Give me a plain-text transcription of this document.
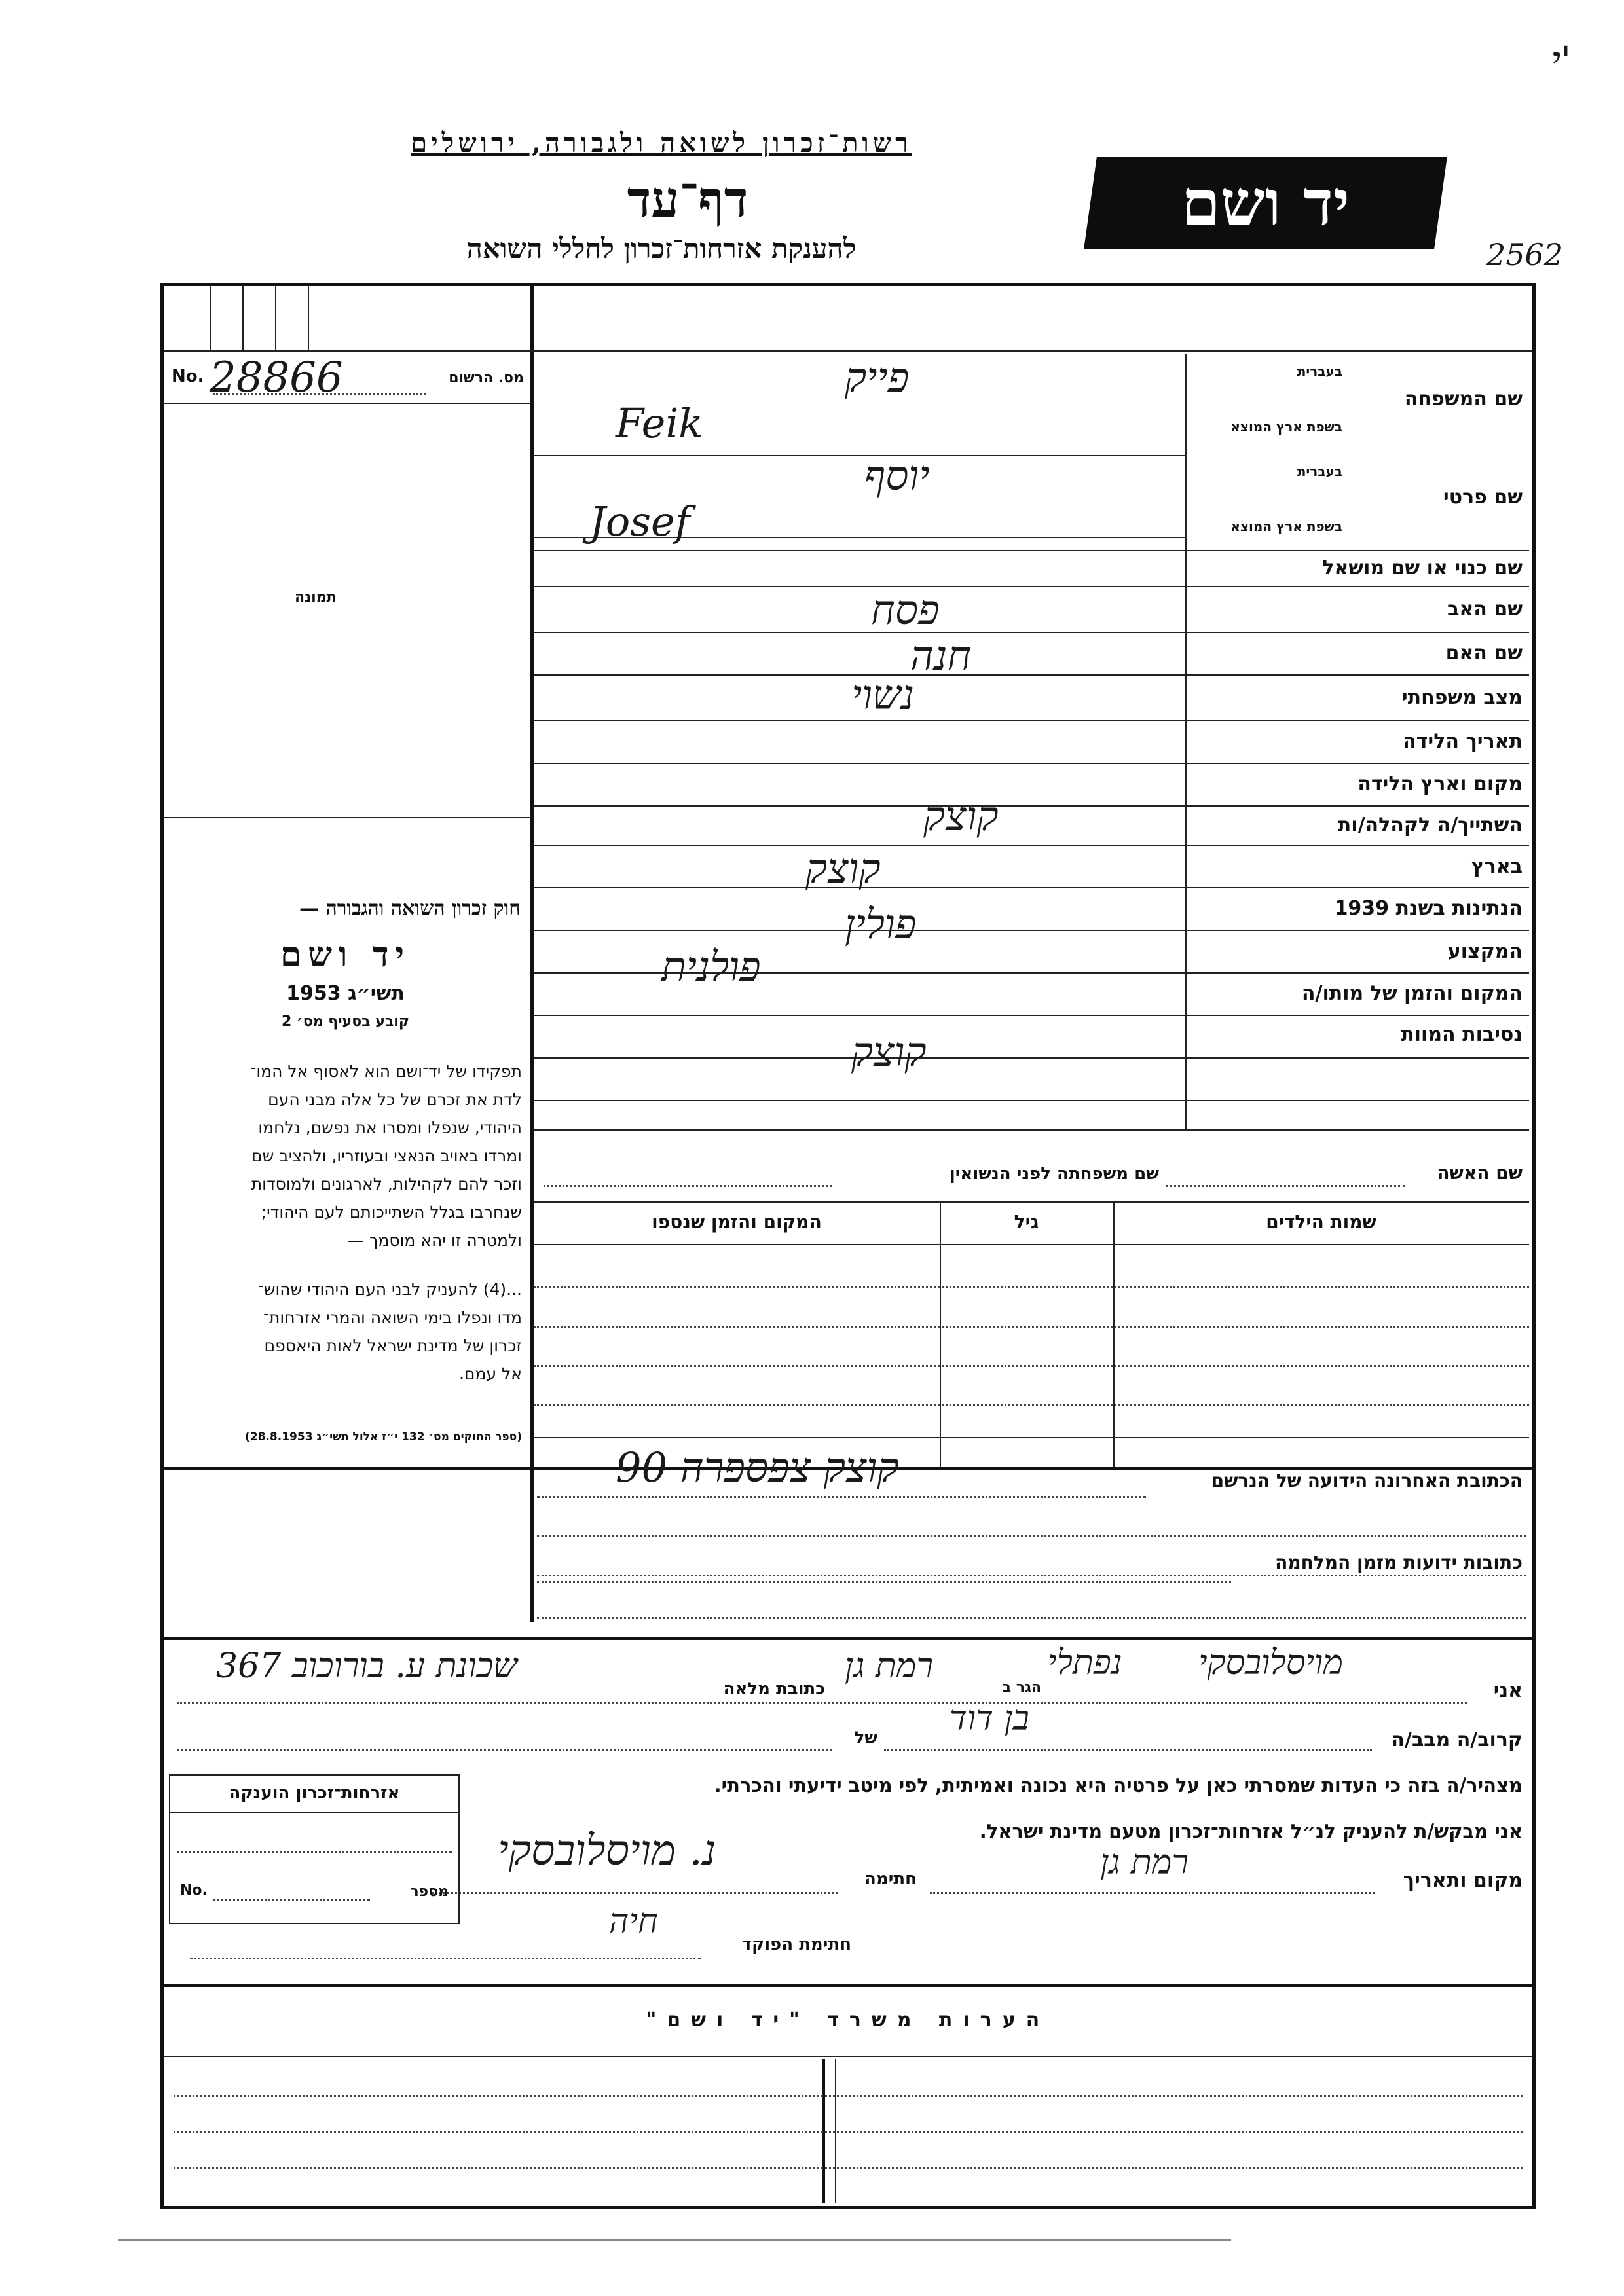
י'
2562
רשות־זכרון לשואה ולגבורה, ירושלים
דף־עד
להענקת אזרחות־זכרון לחללי השואה
יד ושם
No. 28866	מס. הרשום
תמונה
חוק זכרון השואה והגבורה —
יד ושם
תשי״ג 1953
קובע בסעיף מס׳ 2
תפקידו של יד־ושם הוא לאסוף אל המו־
לדת את זכרם של כל אלה מבני העם
היהודי, שנפלו ומסרו את נפשם, נלחמו
ומרדו באויב הנאצי ובעוזריו, ולהציב שם
וזכר להם לקהילות, לארגונים ולמוסדות
שנחרבו בגלל השתייכותם לעם היהודי;
ולמטרה זו יהא מוסמך —
...(4) להעניק לבני העם היהודי שהוש־
מדו ונפלו בימי השואה והמרי אזרחות־
זכרון של מדינת ישראל לאות היאספם
אל עמם.
(ספר החוקים מס׳ 132 י״ז אלול תשי״ג 28.8.1953)
בעברית
שם המשפחה
בשפת ארץ המוצא
בעברית
שם פרטי
בשפת ארץ המוצא
שם כנוי או שם מושאל
שם האב
שם האם
מצב משפחתי
תאריך הלידה
מקום וארץ הלידה
השתייך/ה לקהלה/ות
בארץ
הנתינות בשנת 1939
המקצוע
המקום והזמן של מותו/ה
נסיבות המוות
פייק
Feik
יוסף
Josef
פסח
חנה
נשוי
קוצק
קוצק
פולין
פולנית
קוצק
שם האשה
שם משפחתה לפני הנשואין
שמות הילדים
גיל
המקום והזמן שנספו
הכתובת האחרונה הידועה של הנרשם
קוצק צפספרה 90
כתובות ידועות מזמן המלחמה
אני
מויסלובסקי
נפתלי
הגר ב
רמת גן
כתובת מלאה
שכונת ע. בורוכוב 367
קרוב/ה מבב/ה
בן דוד
של
מצהיר/ה בזה כי העדות שמסרתי כאן על פרטיה היא נכונה ואמיתית, לפי מיטב ידיעתי והכרתי.
אני מבקש/ת להעניק לנ״ל אזרחות־זכרון מטעם מדינת ישראל.
מקום ותאריך
רמת גן
חתימה
נ. מויסלובסקי
חתימת הפוקד
חיה
אזרחות־זכרון הוענקה
No.	מספר
הערות משרד "יד ושם"
